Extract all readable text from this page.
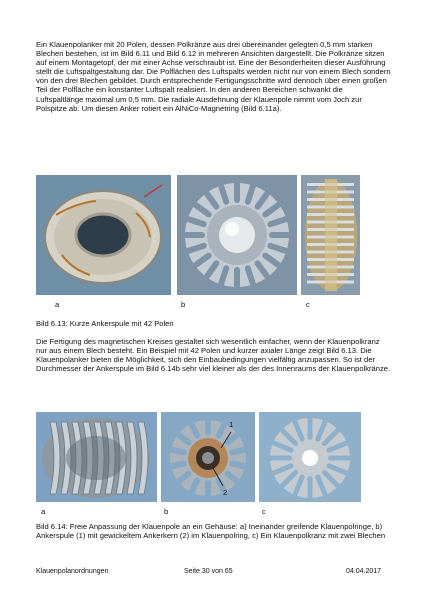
Ein Klauenpolanker mit 20 Polen, dessen Polkränze aus drei übereinander gelegten 0,5 mm starken Blechen bestehen, ist im Bild 6.11 und Bild 6.12 in mehreren Ansichten dargestellt. Die Polkränze sitzen auf einem Montagetopf, der mit einer Achse verschraubt ist. Eine der Besonderheiten dieser Ausführung stellt die Luftspaltgestaltung dar. Die Polflächen des Luftspalts werden nicht nur von einem Blech sondern von den drei Blechen gebildet. Durch entsprechende Fertigungsschritte wird dennoch über einen großen Teil der Polfläche ein konstanter Luftspalt realisiert. In den anderen Bereichen schwankt die Luftspaltlänge maximal um 0,5 mm. Die radiale Ausdehnung der Klauenpole nimmt vom Joch zur Polspitze ab. Um diesen Anker rotiert ein AlNiCo-Magnetring (Bild 6.11a).

a	b	c

Bild 6.13: Kurze Ankerspule mit 42 Polen

Die Fertigung des magnetischen Kreises gestaltet sich wesentlich einfacher, wenn der Klauenpolkranz nur aus einem Blech besteht. Ein Beispiel mit 42 Polen und kurzer axialer Länge zeigt Bild 6.13. Die Klauenpolanker bieten die Möglichkeit, sich den Einbaubedingungen vielfältig anzupassen. So ist der Durchmesser der Ankerspule im Bild 6.14b sehr viel kleiner als der des Innenraums der Klauenpolkränze.

1
2
a	b	c

Bild 6.14: Freie Anpassung der Klauenpole an ein Gehäuse: a) Ineinander greifende Klauenpolringe, b) Ankerspule (1) mit gewickeltem Ankerkern (2) im Klauenpolring, c) Ein Klauenpolkranz mit zwei Blechen

Klauenpolanordnungen	Seite 30 von 65	04.04.2017
